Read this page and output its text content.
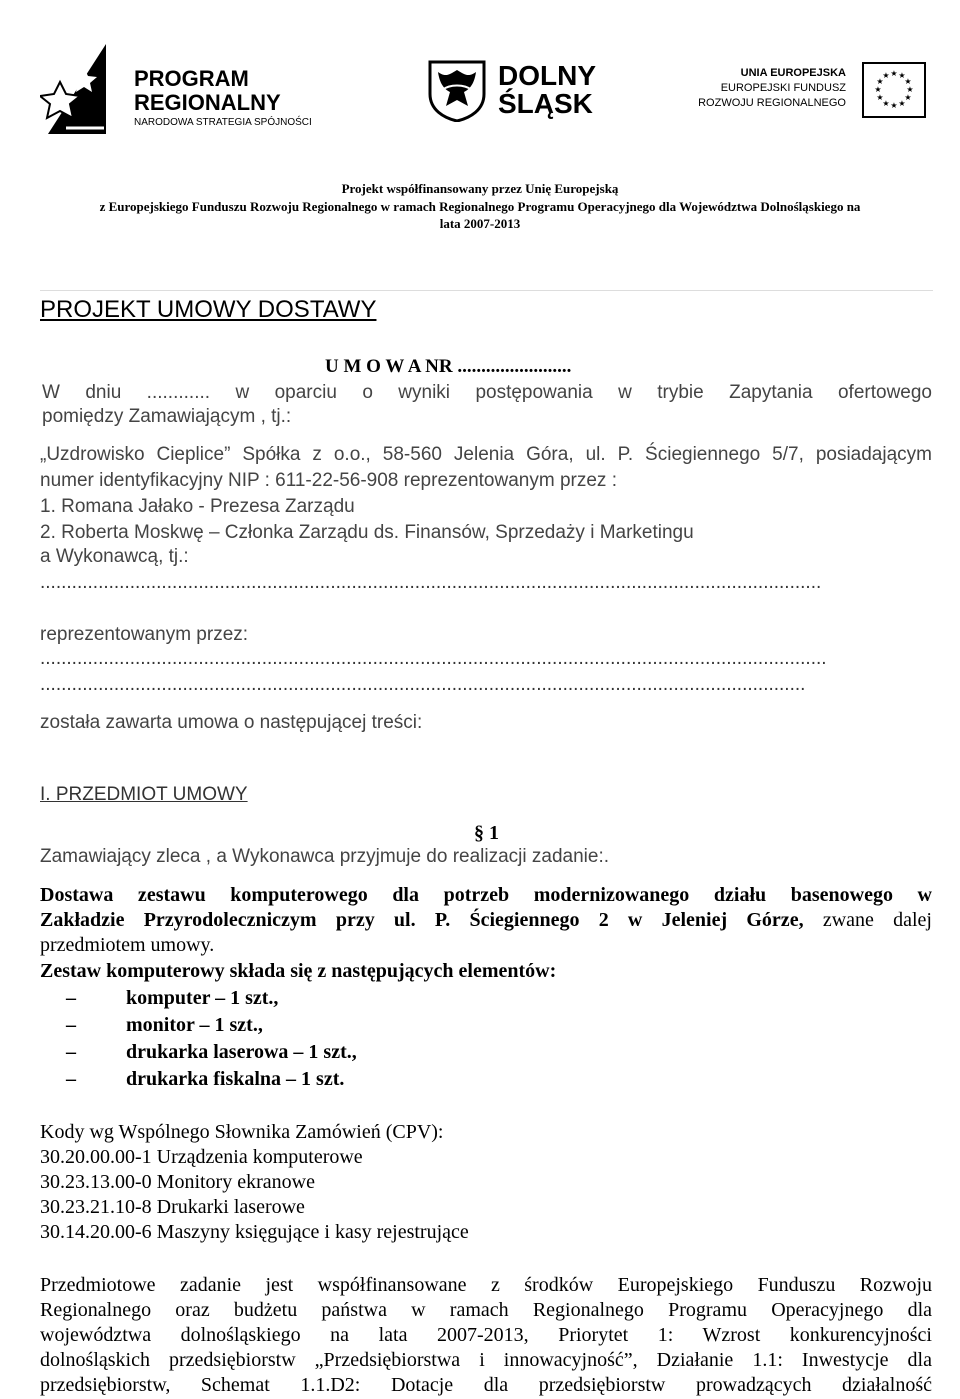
PROGRAM
REGIONALNY
NARODOWA STRATEGIA SPÓJNOŚCI
DOLNY
ŚLĄSK
UNIA EUROPEJSKA
EUROPEJSKI FUNDUSZ
ROZWOJU REGIONALNEGO
★ ★
★
★
★
★
★
★
★
★
★
★
Projekt współfinansowany przez Unię Europejską
z Europejskiego Funduszu Rozwoju Regionalnego w ramach Regionalnego Programu Operacyjnego dla Województwa Dolnośląskiego na
lata 2007-2013
PROJEKT UMOWY DOSTAWY
U M O W A NR ........................
W dniu ............ w oparciu o wyniki postępowania w trybie Zapytania ofertowego
pomiędzy Zamawiającym , tj.:
„Uzdrowisko Cieplice” Spółka z o.o., 58-560 Jelenia Góra, ul. P. Ściegiennego 5/7, posiadającym
numer identyfikacyjny NIP : 611-22-56-908 reprezentowanym przez :
1. Romana Jałako - Prezesa Zarządu
2. Roberta Moskwę – Członka Zarządu ds. Finansów, Sprzedaży i Marketingu
a Wykonawcą, tj.:
....................................................................................................................................................
reprezentowanym przez:
.....................................................................................................................................................
.................................................................................................................................................
została zawarta umowa o następującej treści:
I. PRZEDMIOT UMOWY
§ 1
Zamawiający zleca , a Wykonawca przyjmuje do realizacji zadanie:.
Dostawa zestawu komputerowego dla potrzeb modernizowanego działu basenowego w
Zakładzie Przyrodoleczniczym przy ul. P. Ściegiennego 2 w Jeleniej Górze, zwane dalej
przedmiotem umowy.
Zestaw komputerowy składa się z następujących elementów:
–	komputer – 1 szt.,
–	monitor – 1 szt.,
–	drukarka laserowa – 1 szt.,
–	drukarka fiskalna – 1 szt.
Kody wg Wspólnego Słownika Zamówień (CPV):
30.20.00.00-1 Urządzenia komputerowe
30.23.13.00-0 Monitory ekranowe
30.23.21.10-8 Drukarki laserowe
30.14.20.00-6 Maszyny księgujące i kasy rejestrujące
Przedmiotowe zadanie jest współfinansowane z środków Europejskiego Funduszu Rozwoju
Regionalnego oraz budżetu państwa w ramach Regionalnego Programu Operacyjnego dla
województwa dolnośląskiego na lata 2007-2013, Priorytet 1: Wzrost konkurencyjności
dolnośląskich przedsiębiorstw „Przedsiębiorstwa i innowacyjność”, Działanie 1.1: Inwestycje dla
przedsiębiorstw, Schemat 1.1.D2: Dotacje dla przedsiębiorstw prowadzących działalność
